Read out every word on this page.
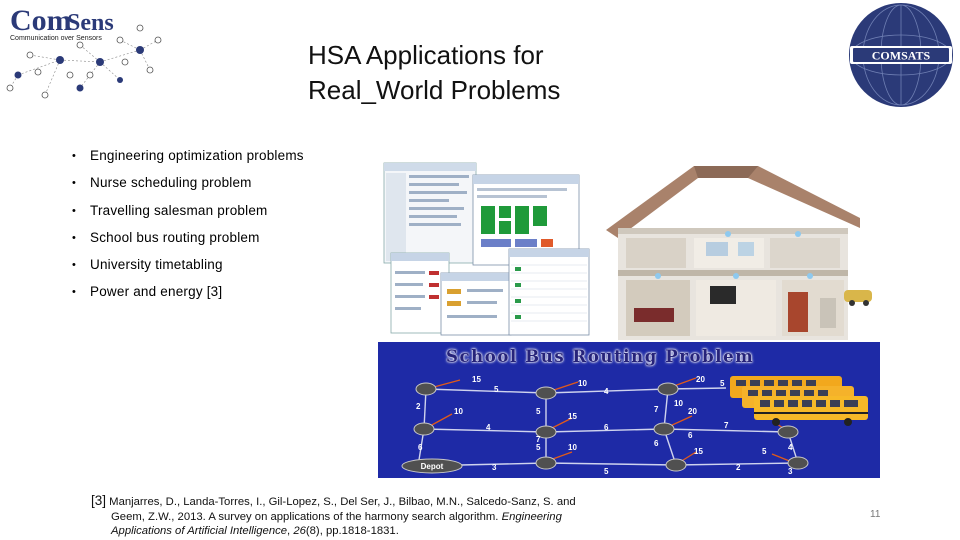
Com
Sens
Communication over Sensors
COMSATS
HSA Applications for
Real_World Problems
• Engineering optimization problems
• Nurse scheduling problem
• Travelling salesman problem
• School bus routing problem
• University timetabling
• Power and energy [3]
Depot
15
5
10
4
10
20 5
2
10	5
15
7	20
6
4
5
6
6
7	6
7
10	4
15	5
3	5	2	3
School Bus Routing Problem
[3] Manjarres, D., Landa-Torres, I., Gil-Lopez, S., Del Ser, J., Bilbao, M.N., Salcedo-Sanz, S. and
Geem, Z.W., 2013. A survey on applications of the harmony search algorithm. Engineering
Applications of Artificial Intelligence, 26(8), pp.1818-1831.
11
